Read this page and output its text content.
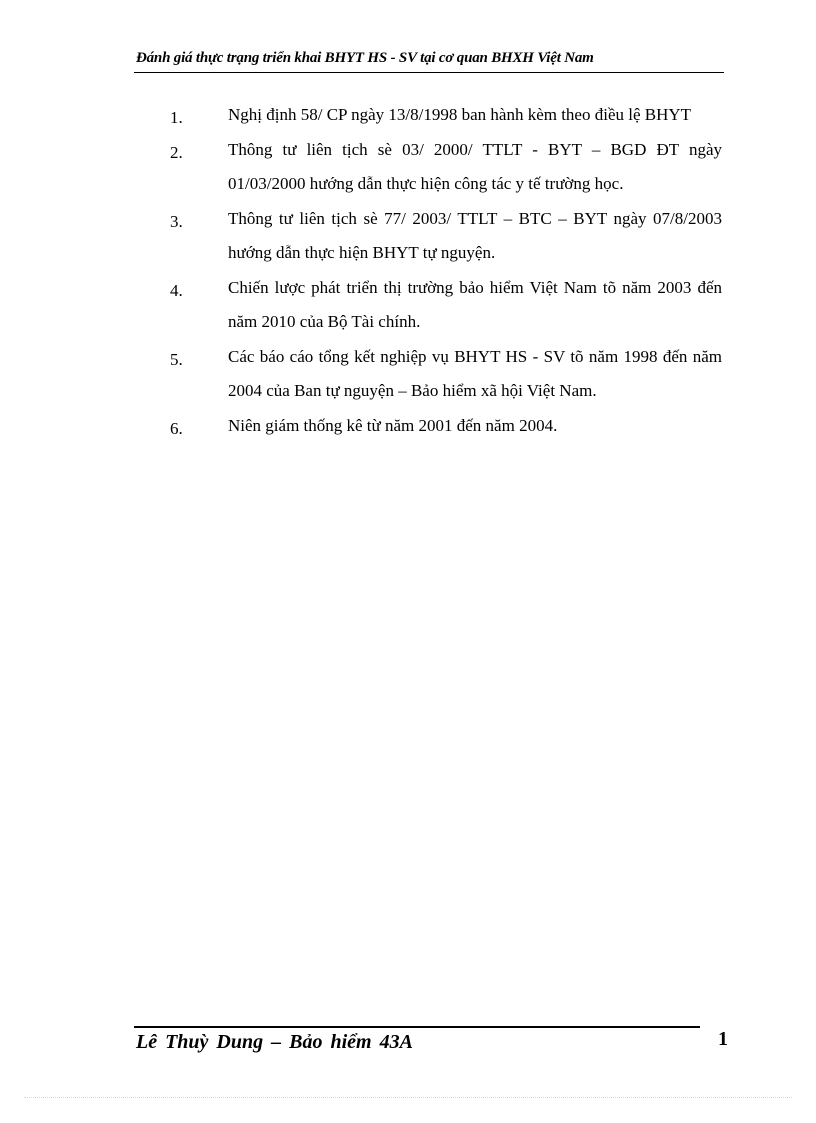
Đánh giá thực trạng triển khai BHYT HS - SV tại cơ quan BHXH Việt Nam
1.	Nghị định 58/ CP ngày 13/8/1998 ban hành kèm theo điều lệ BHYT
2.	Thông tư liên tịch sè 03/ 2000/ TTLT - BYT – BGD ĐT ngày 01/03/2000 hướng dẫn thực hiện công tác y tế trường học.
3.	Thông tư liên tịch sè 77/ 2003/ TTLT – BTC – BYT ngày 07/8/2003 hướng dẫn thực hiện BHYT tự nguyện.
4.	Chiến lược phát triển thị trường bảo hiểm Việt Nam tõ năm 2003 đến năm 2010 của Bộ Tài chính.
5.	Các báo cáo tổng kết nghiệp vụ BHYT HS - SV tõ năm 1998 đến năm 2004 của Ban tự nguyện – Bảo hiểm xã hội Việt Nam.
6.	Niên giám thống kê từ năm 2001 đến năm 2004.
Lê Thuỳ Dung – Bảo hiểm 43A	1
